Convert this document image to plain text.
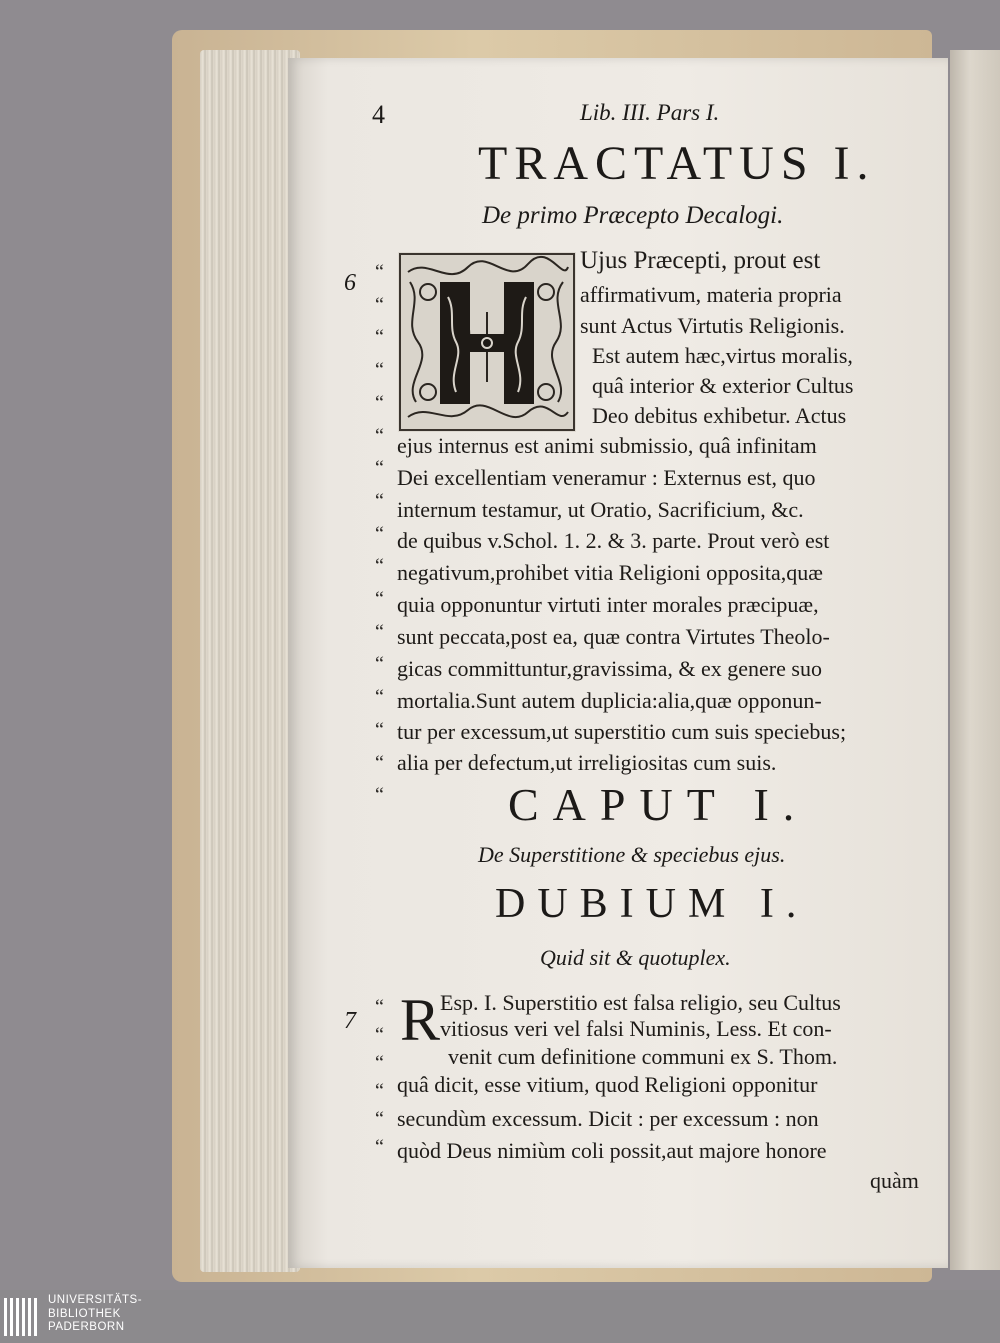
4	Lib. III. Pars I.
TRACTATUS I.
De primo Præcepto Decalogi.
6
7
“
“
“
“
“
“
“
“
“
“
“
“
“
“
“
“
“
Ujus Præcepti, prout est
affirmativum, materia propria
sunt Actus Virtutis Religionis.
Est autem hæc,virtus moralis,
quâ interior & exterior Cultus
Deo debitus exhibetur. Actus
ejus internus est animi submissio, quâ infinitam
Dei excellentiam veneramur : Externus est, quo
internum testamur, ut Oratio, Sacrificium, &c.
de quibus v.Schol. 1. 2. & 3. parte. Prout verò est
negativum,prohibet vitia Religioni opposita,quæ
quia opponuntur virtuti inter morales præcipuæ,
sunt peccata,post ea, quæ contra Virtutes Theolo-
gicas committuntur,gravissima, & ex genere suo
mortalia.Sunt autem duplicia:alia,quæ opponun-
tur per excessum,ut superstitio cum suis speciebus;
alia per defectum,ut irreligiositas cum suis.
CAPUT I.
De Superstitione & speciebus ejus.
DUBIUM I.
Quid sit & quotuplex.
“
“
“
“
“
“
R Esp. I. Superstitio est falsa religio, seu Cultus
vitiosus veri vel falsi Numinis, Less. Et con-
venit cum definitione communi ex S. Thom.
quâ dicit, esse vitium, quod Religioni opponitur
secundùm excessum. Dicit : per excessum : non
quòd Deus nimiùm coli possit,aut majore honore
quàm
UNIVERSITÄTS-
BIBLIOTHEK
PADERBORN
